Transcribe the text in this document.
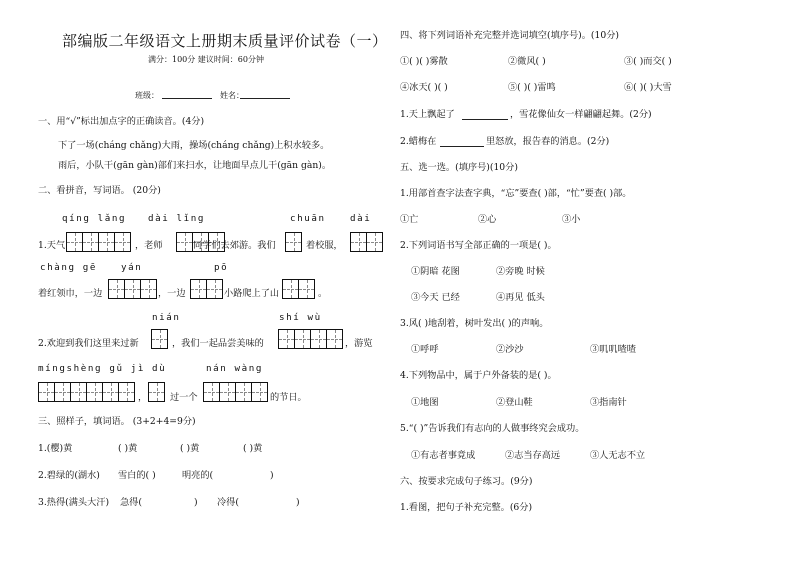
部编版二年级语文上册期末质量评价试卷（一）
满分：100分 建议时间：60分钟
班级：	姓名：
一、用“√”标出加点字的正确读音。(4分)
下了一场(cháng chǎng)大雨，操场(cháng chǎng)上积水较多。
雨后，小队干(gān gàn)部们来扫水，让地面早点儿干(gān gàn)。
二、看拼音，写词语。 (20分)
qíng lǎng dài lǐng	chuān	dài
1.天气	，老师	同学们去郊游。我们	着校服，
chàng gē	yán	pō
着红领巾，一边	，一边	小路爬上了山	。
nián	shí wù
2.欢迎到我们这里来过新	，我们一起品尝美味的	，游览
míngshèng gǔ jì dù	nán wàng
， 过一个	的节日。
三、照样子，填词语。 (3+2+4=9分)
1.(樱)黄	( )黄	( )黄	( )黄
2.碧绿的(湖水) 雪白的( )	明亮的(	)
3.热得(满头大汗) 急得(	) 冷得(	)
四、将下列词语补充完整并选词填空(填序号)。(10分)
①( )( )雾散	②微风( )	③( )而交( )
④冰天( )( )	⑤( )( )雷鸣	⑥( )( )大雪
1.天上飘起了	，雪花像仙女一样翩翩起舞。(2分)
2.蜡梅在	里怒放，报告春的消息。(2分)
五、选一选。(填序号)(10分)
1.用部首查字法查字典，“忘”要查( )部，“忙”要查( )部。
①亡	②心	③小
2.下列词语书写全部正确的一项是( )。
①阴暗 花图	②旁晚 时候
③今天 已经	④再见 低头
3.风( )地刮着，树叶发出( )的声响。
①呼呼	②沙沙	③叽叽喳喳
4.下列物品中，属于户外备装的是( )。
①地图	②登山鞋	③指南针
5.“( )”告诉我们有志向的人做事终究会成功。
①有志者事竟成	②志当存高远	③人无志不立
六、按要求完成句子练习。(9分)
1.看图，把句子补充完整。(6分)
